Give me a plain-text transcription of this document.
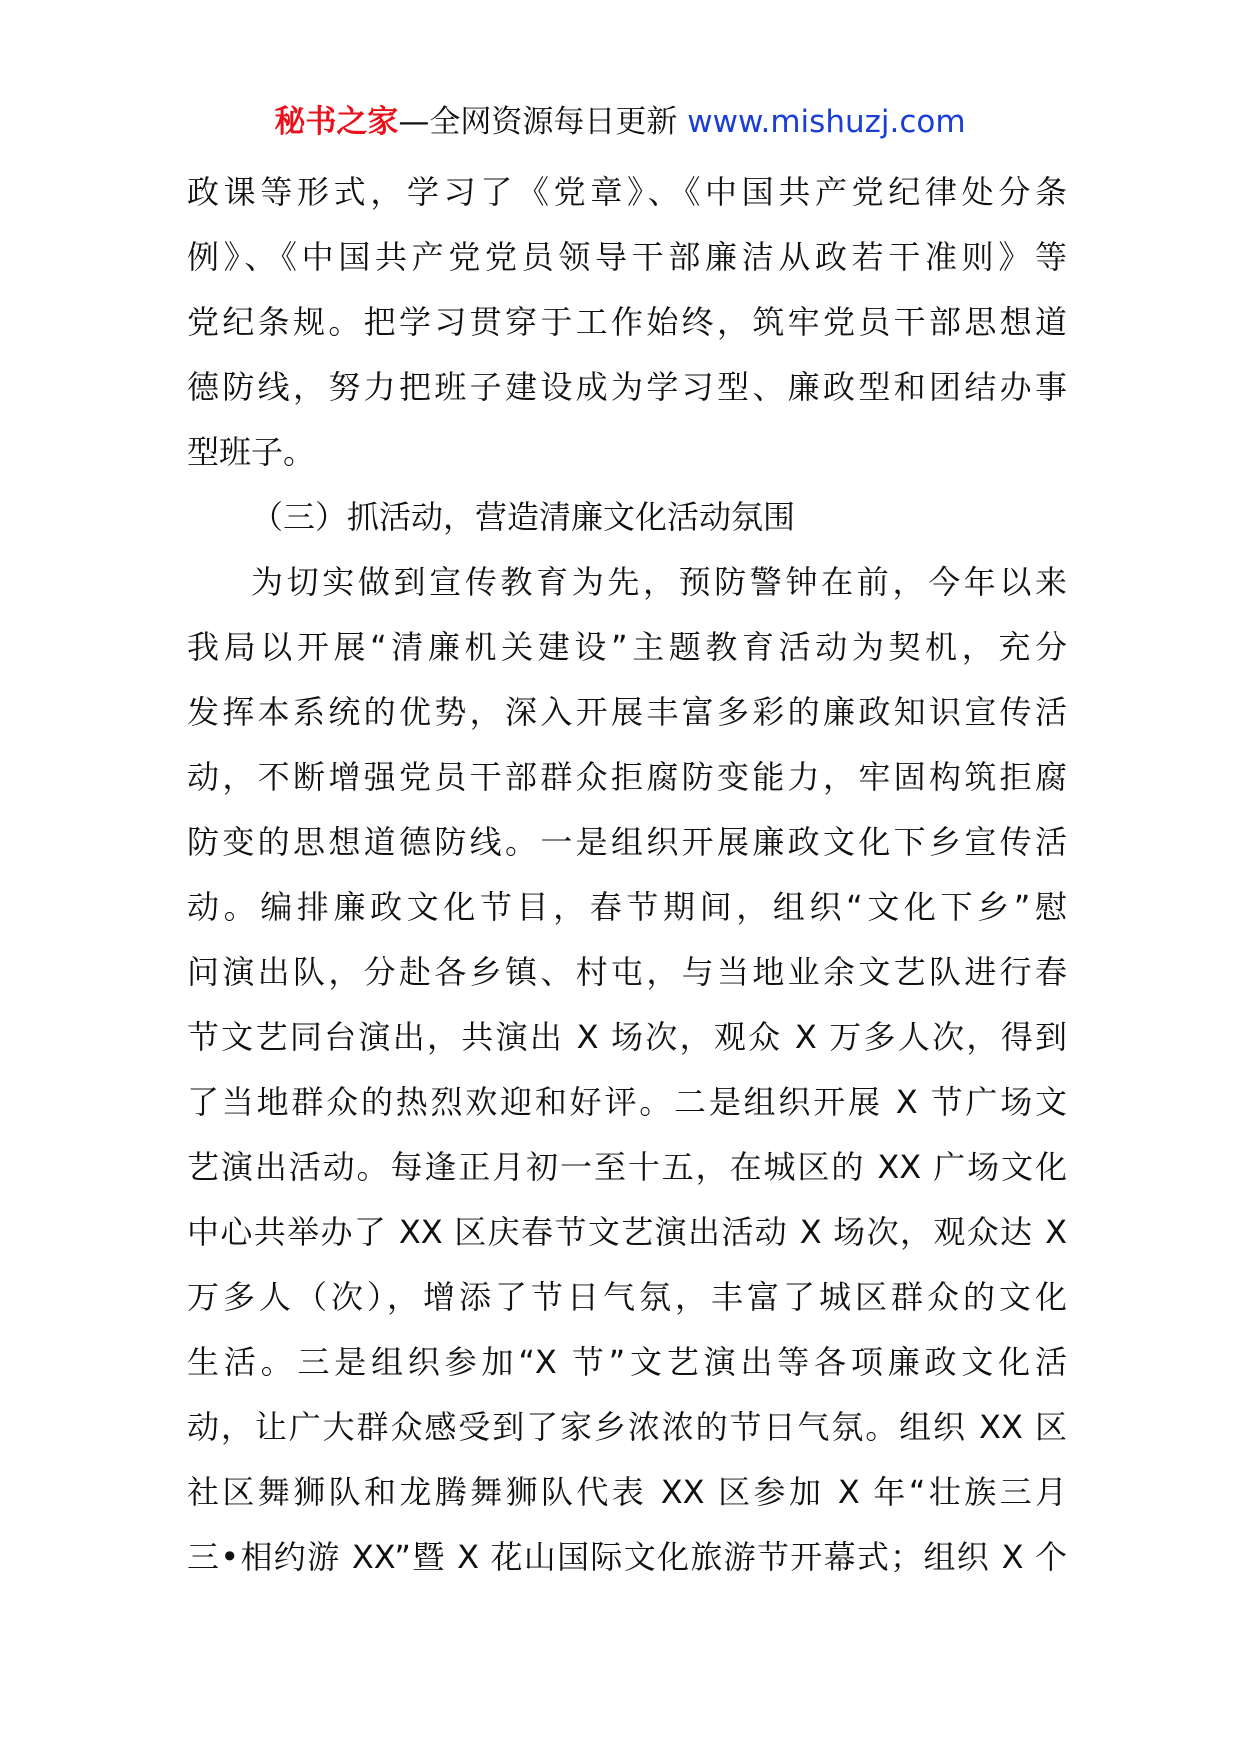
秘书之家—全网资源每日更新 www.mishuzj.com
政课等形式，学习了《党章》、《中国共产党纪律处分条
例》、《中国共产党党员领导干部廉洁从政若干准则》等
党纪条规。把学习贯穿于工作始终，筑牢党员干部思想道
德防线，努力把班子建设成为学习型、廉政型和团结办事
型班子。
（三）抓活动，营造清廉文化活动氛围
为切实做到宣传教育为先，预防警钟在前，今年以来
我局以开展“清廉机关建设”主题教育活动为契机，充分
发挥本系统的优势，深入开展丰富多彩的廉政知识宣传活
动，不断增强党员干部群众拒腐防变能力，牢固构筑拒腐
防变的思想道德防线。一是组织开展廉政文化下乡宣传活
动。编排廉政文化节目，春节期间，组织“文化下乡”慰
问演出队，分赴各乡镇、村屯，与当地业余文艺队进行春
节文艺同台演出，共演出 X 场次，观众 X 万多人次，得到
了当地群众的热烈欢迎和好评。二是组织开展 X 节广场文
艺演出活动。每逢正月初一至十五，在城区的 XX 广场文化
中心共举办了 XX 区庆春节文艺演出活动 X 场次，观众达 X
万多人（次），增添了节日气氛，丰富了城区群众的文化
生活。三是组织参加“X 节”文艺演出等各项廉政文化活
动，让广大群众感受到了家乡浓浓的节日气氛。组织 XX 区
社区舞狮队和龙腾舞狮队代表 XX 区参加 X 年“壮族三月
三•相约游 XX”暨 X 花山国际文化旅游节开幕式；组织 X 个
